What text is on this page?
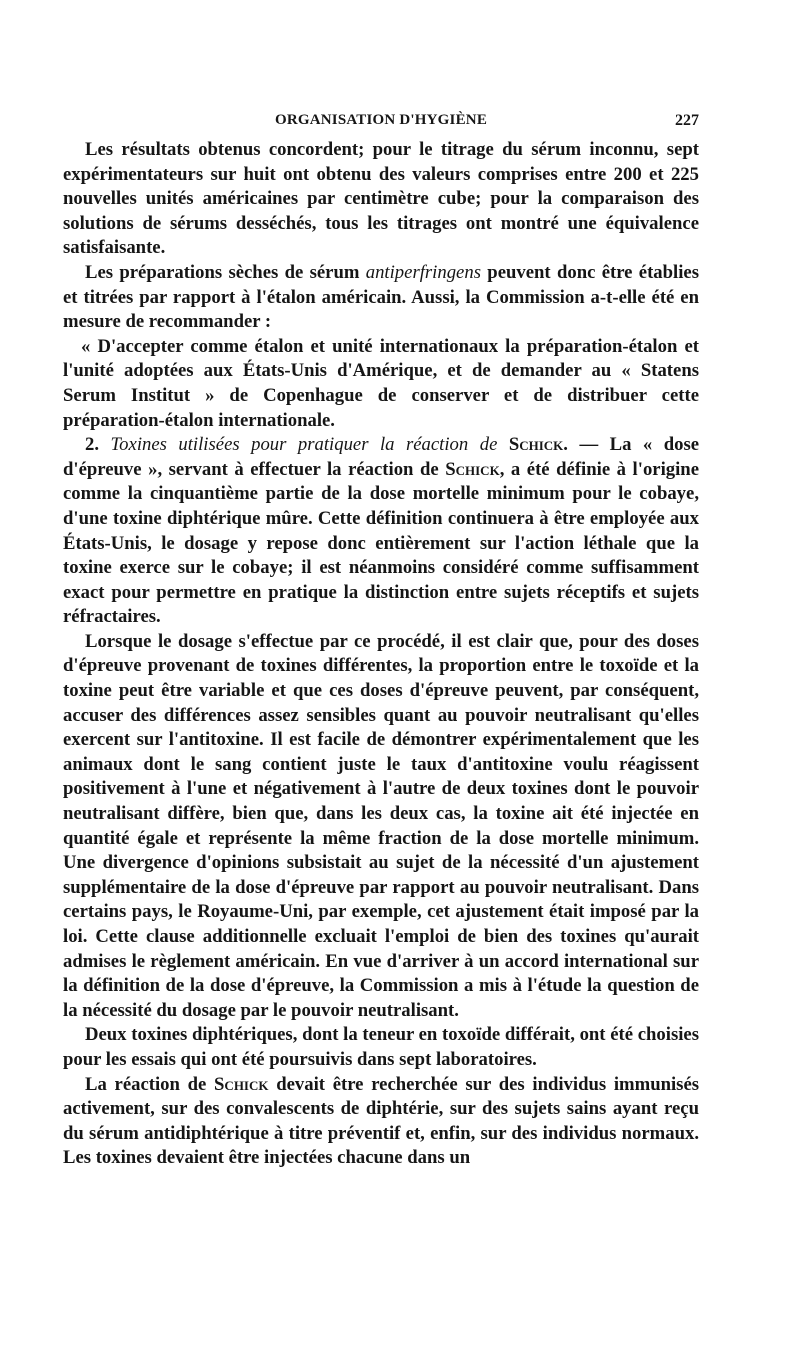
ORGANISATION D'HYGIÈNE	227

Les résultats obtenus concordent; pour le titrage du sérum inconnu, sept expérimentateurs sur huit ont obtenu des valeurs comprises entre 200 et 225 nouvelles unités américaines par centimètre cube; pour la comparaison des solutions de sérums desséchés, tous les titrages ont montré une équivalence satisfaisante.

Les préparations sèches de sérum antiperfringens peuvent donc être établies et titrées par rapport à l'étalon américain. Aussi, la Commission a-t-elle été en mesure de recommander :

« D'accepter comme étalon et unité internationaux la préparation-étalon et l'unité adoptées aux États-Unis d'Amérique, et de demander au « Statens Serum Institut » de Copenhague de conserver et de distribuer cette préparation-étalon internationale.

2. Toxines utilisées pour pratiquer la réaction de Schick. — La « dose d'épreuve », servant à effectuer la réaction de Schick, a été définie à l'origine comme la cinquantième partie de la dose mortelle minimum pour le cobaye, d'une toxine diphtérique mûre. Cette définition continuera à être employée aux États-Unis, le dosage y repose donc entièrement sur l'action léthale que la toxine exerce sur le cobaye; il est néanmoins considéré comme suffisamment exact pour permettre en pratique la distinction entre sujets réceptifs et sujets réfractaires.

Lorsque le dosage s'effectue par ce procédé, il est clair que, pour des doses d'épreuve provenant de toxines différentes, la proportion entre le toxoïde et la toxine peut être variable et que ces doses d'épreuve peuvent, par conséquent, accuser des différences assez sensibles quant au pouvoir neutralisant qu'elles exercent sur l'antitoxine. Il est facile de démontrer expérimentalement que les animaux dont le sang contient juste le taux d'antitoxine voulu réagissent positivement à l'une et négativement à l'autre de deux toxines dont le pouvoir neutralisant diffère, bien que, dans les deux cas, la toxine ait été injectée en quantité égale et représente la même fraction de la dose mortelle minimum. Une divergence d'opinions subsistait au sujet de la nécessité d'un ajustement supplémentaire de la dose d'épreuve par rapport au pouvoir neutralisant. Dans certains pays, le Royaume-Uni, par exemple, cet ajustement était imposé par la loi. Cette clause additionnelle excluait l'emploi de bien des toxines qu'aurait admises le règlement américain. En vue d'arriver à un accord international sur la définition de la dose d'épreuve, la Commission a mis à l'étude la question de la nécessité du dosage par le pouvoir neutralisant.

Deux toxines diphtériques, dont la teneur en toxoïde différait, ont été choisies pour les essais qui ont été poursuivis dans sept laboratoires.

La réaction de Schick devait être recherchée sur des individus immunisés activement, sur des convalescents de diphtérie, sur des sujets sains ayant reçu du sérum antidiphtérique à titre préventif et, enfin, sur des individus normaux. Les toxines devaient être injectées chacune dans un
